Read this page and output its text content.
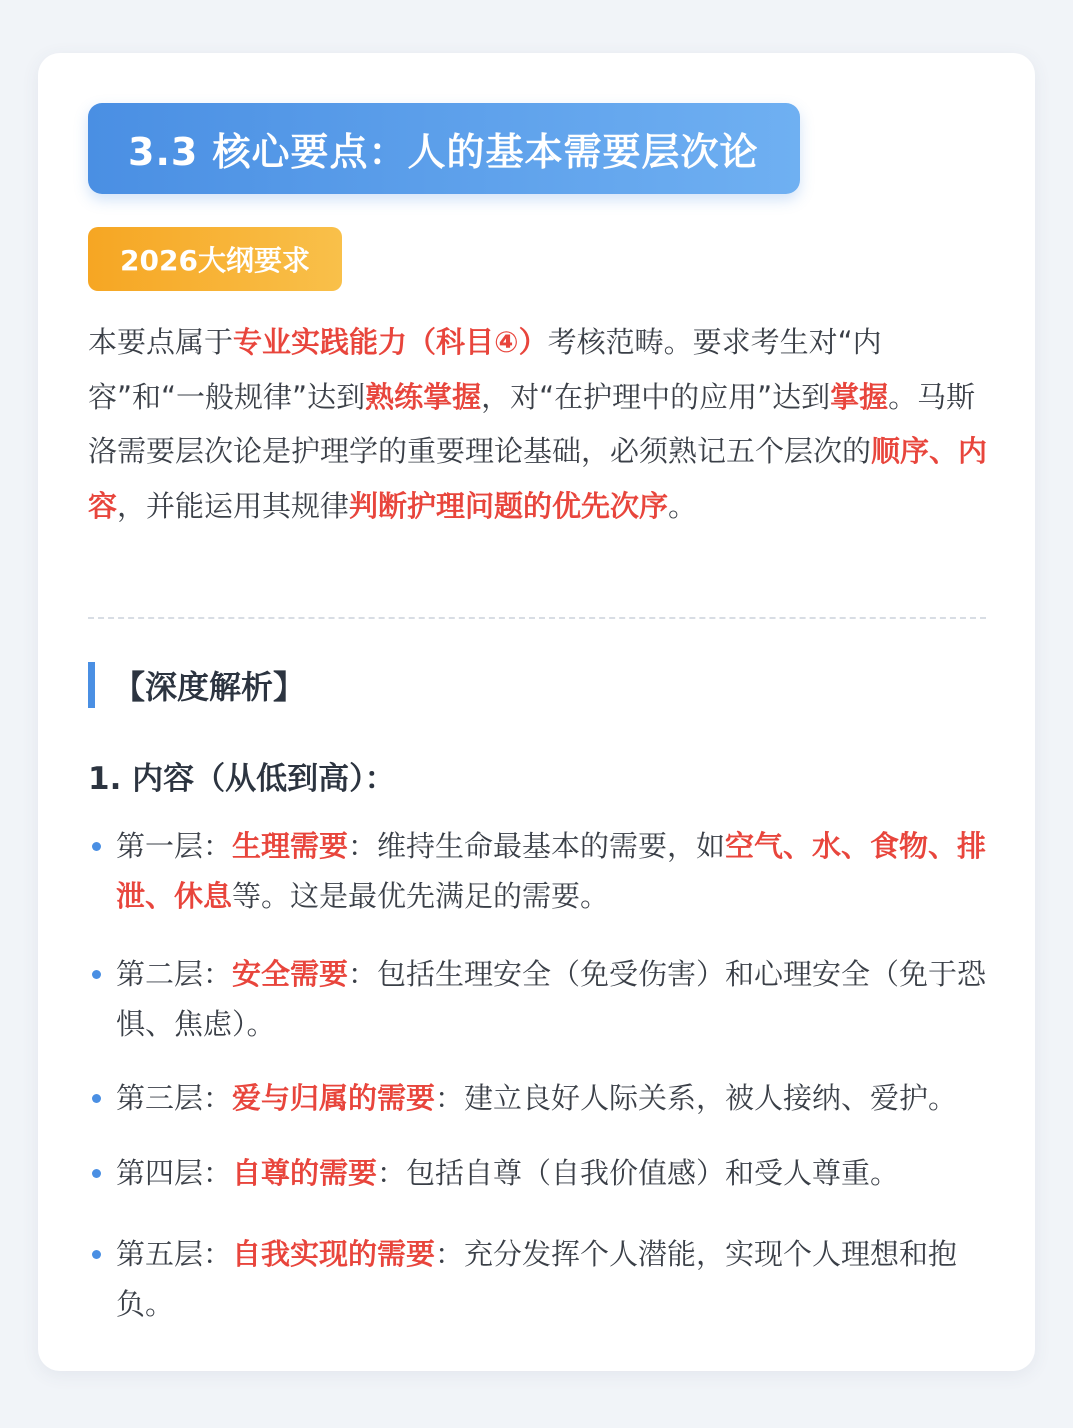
3.3 核心要点：人的基本需要层次论
2026大纲要求
本要点属于专业实践能力（科目④）考核范畴。要求考生对“内容”和“一般规律”达到熟练掌握，对“在护理中的应用”达到掌握。马斯洛需要层次论是护理学的重要理论基础，必须熟记五个层次的顺序、内容，并能运用其规律判断护理问题的优先次序。
【深度解析】
1. 内容（从低到高）：
第一层：生理需要：维持生命最基本的需要，如空气、水、食物、排泄、休息等。这是最优先满足的需要。
第二层：安全需要：包括生理安全（免受伤害）和心理安全（免于恐惧、焦虑）。
第三层：爱与归属的需要：建立良好人际关系，被人接纳、爱护。
第四层：自尊的需要：包括自尊（自我价值感）和受人尊重。
第五层：自我实现的需要：充分发挥个人潜能，实现个人理想和抱负。
